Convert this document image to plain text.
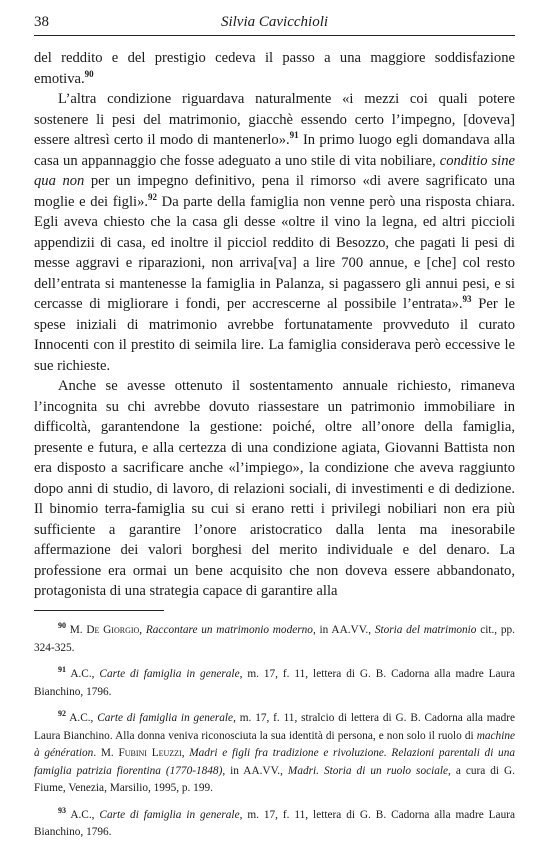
38	Silvia Cavicchioli

del reddito e del prestigio cedeva il passo a una maggiore soddisfazione emotiva.$^{90}$

L’altra condizione riguardava naturalmente «i mezzi coi quali potere sostenere li pesi del matrimonio, giacchè essendo certo l’impegno, [doveva] essere altresì certo il modo di mantenerlo».$^{91}$ In primo luogo egli domandava alla casa un appannaggio che fosse adeguato a uno stile di vita nobiliare, conditio sine qua non per un impegno definitivo, pena il rimorso «di avere sagrificato una moglie e dei figli».$^{92}$ Da parte della famiglia non venne però una risposta chiara. Egli aveva chiesto che la casa gli desse «oltre il vino la legna, ed altri piccioli appendizii di casa, ed inoltre il picciol reddito di Besozzo, che pagati li pesi di messe aggravi e riparazioni, non arriva[va] a lire 700 annue, e [che] col resto dell’entrata si mantenesse la famiglia in Palanza, si pagassero gli annui pesi, e si cercasse di migliorare i fondi, per accrescerne al possibile l’entrata».$^{93}$ Per le spese iniziali di matrimonio avrebbe fortunatamente provveduto il curato Innocenti con il prestito di seimila lire. La famiglia considerava però eccessive le sue richieste.

Anche se avesse ottenuto il sostentamento annuale richiesto, rimaneva l’incognita su chi avrebbe dovuto riassestare un patrimonio immobiliare in difficoltà, garantendone la gestione: poiché, oltre all’onore della famiglia, presente e futura, e alla certezza di una condizione agiata, Giovanni Battista non era disposto a sacrificare anche «l’impiego», la condizione che aveva raggiunto dopo anni di studio, di lavoro, di relazioni sociali, di investimenti e di dedizione. Il binomio terra-famiglia su cui si erano retti i privilegi nobiliari non era più sufficiente a garantire l’onore aristocratico dalla lenta ma inesorabile affermazione dei valori borghesi del merito individuale e del denaro. La professione era ormai un bene acquisito che non doveva essere abbandonato, protagonista di una strategia capace di garantire alla

$^{90}$ M. De Giorgio, Raccontare un matrimonio moderno, in AA.VV., Storia del matrimonio cit., pp. 324-325.

$^{91}$ A.C., Carte di famiglia in generale, m. 17, f. 11, lettera di G. B. Cadorna alla madre Laura Bianchino, 1796.

$^{92}$ A.C., Carte di famiglia in generale, m. 17, f. 11, stralcio di lettera di G. B. Cadorna alla madre Laura Bianchino. Alla donna veniva riconosciuta la sua identità di persona, e non solo il ruolo di machine à génération. M. Fubini Leuzzi, Madri e figli fra tradizione e rivoluzione. Relazioni parentali di una famiglia patrizia fiorentina (1770-1848), in AA.VV., Madri. Storia di un ruolo sociale, a cura di G. Fiume, Venezia, Marsilio, 1995, p. 199.

$^{93}$ A.C., Carte di famiglia in generale, m. 17, f. 11, lettera di G. B. Cadorna alla madre Laura Bianchino, 1796.
